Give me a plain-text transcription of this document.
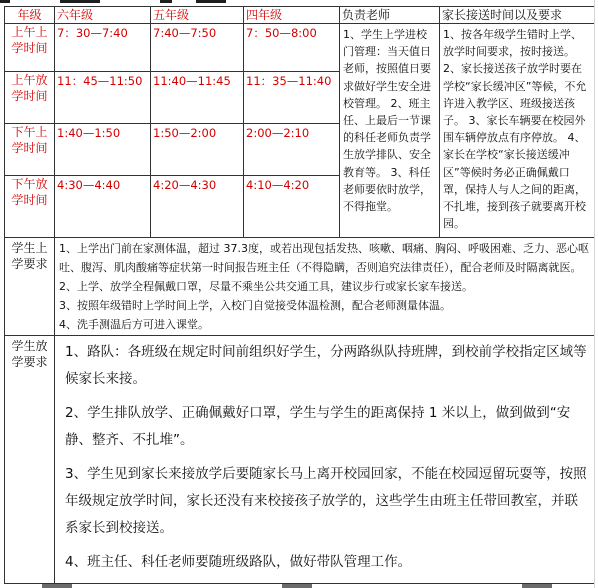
年级	六年级	五年级	四年级	负责老师	家长接送时间以及要求
上午上学时间	7：30—7:40	7:40—7:50	7：50—8:00	1、学生上学进校门管理：当天值日老师，按照值日要求做好学生安全进校管理。 2、班主任、上最后一节课的科任老师负责学生放学排队、安全教育等。 3、科任老师要依时放学，不得拖堂。	1、按各年级学生错时上学、放学时间要求，按时接送。2、家长接送孩子放学时要在学校“家长缓冲区”等候，不允许进入教学区、班级接送孩子。 3、家长车辆要在校园外围车辆停放点有序停放。 4、家长在学校“家长接送缓冲区”等候时务必正确佩戴口罩，保持人与人之间的距离，不扎堆，接到孩子就要离开校园。
上午放学时间	11：45—11:50	11:40—11:45	11：35—11:40		
下午上学时间	1:40—1:50	1:50—2:00	2:00—2:10		
下午放学时间	4:30—4:40	4:20—4:30	4:10—4:20		
学生上学要求	1、上学出门前在家测体温，超过 37.3度，或若出现包括发热、咳嗽、咽痛、胸闷、呼吸困难、乏力、恶心呕吐、腹泻、肌肉酸痛等症状第一时间报告班主任（不得隐瞒，否则追究法律责任），配合老师及时隔离就医。

2、上学、放学全程佩戴口罩，尽量不乘坐公共交通工具，建议步行或家长家车接送。

3、按照年级错时上学时间上学，入校门自觉接受体温检测，配合老师测量体温。

4、洗手测温后方可进入课堂。				

学生放学要求	1、路队：各班级在规定时间前组织好学生，分两路纵队持班牌，到校前学校指定区域等候家长来接。

2、学生排队放学、正确佩戴好口罩，学生与学生的距离保持 1 米以上，做到做到“安静、整齐、不扎堆”。

3、学生见到家长来接放学后要随家长马上离开校园回家，不能在校园逗留玩耍等，按照年级规定放学时间，家长还没有来校接孩子放学的，这些学生由班主任带回教室，并联系家长到校接送。

4、班主任、科任老师要随班级路队，做好带队管理工作。				
